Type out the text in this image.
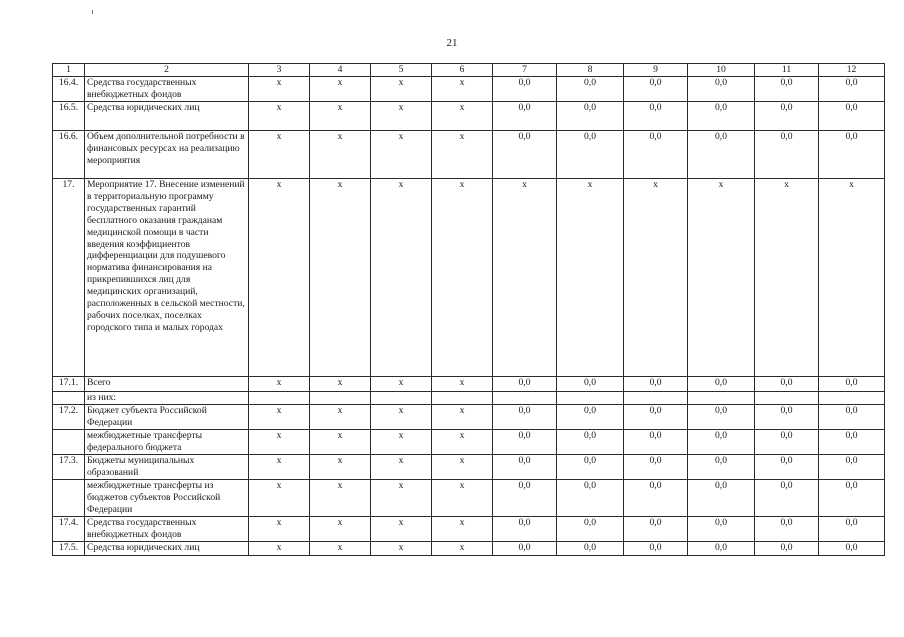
21
1	2	3	4	5	6	7	8	9	10	11	12
16.4.	Средства государственных внебюджетных фондов	х	х	х	х	0,0	0,0	0,0	0,0	0,0	0,0
16.5.	Средства юридических лиц	х	х	х	х	0,0	0,0	0,0	0,0	0,0	0,0
16.6.	Объем дополнительной потребности в финансовых ресурсах на реализацию мероприятия	х	х	х	х	0,0	0,0	0,0	0,0	0,0	0,0
17.	Мероприятие 17. Внесение изменений в территориальную программу государственных гарантий бесплатного оказания гражданам медицинской помощи в части введения коэффициентов дифференциации для подушевого норматива финансирования на прикрепившихся лиц для медицинских организаций, расположенных в сельской местности, рабочих поселках, поселках городского типа и малых городах	х	х	х	х	х	х	х	х	х	х
17.1.	Всего	х	х	х	х	0,0	0,0	0,0	0,0	0,0	0,0
	из них:										
17.2.	Бюджет субъекта Российской Федерации	х	х	х	х	0,0	0,0	0,0	0,0	0,0	0,0
	межбюджетные трансферты федерального бюджета	х	х	х	х	0,0	0,0	0,0	0,0	0,0	0,0
17.3.	Бюджеты муниципальных образований	х	х	х	х	0,0	0,0	0,0	0,0	0,0	0,0
	межбюджетные трансферты из бюджетов субъектов Российской Федерации	х	х	х	х	0,0	0,0	0,0	0,0	0,0	0,0
17.4.	Средства государственных внебюджетных фондов	х	х	х	х	0,0	0,0	0,0	0,0	0,0	0,0
17.5.	Средства юридических лиц	х	х	х	х	0,0	0,0	0,0	0,0	0,0	0,0
